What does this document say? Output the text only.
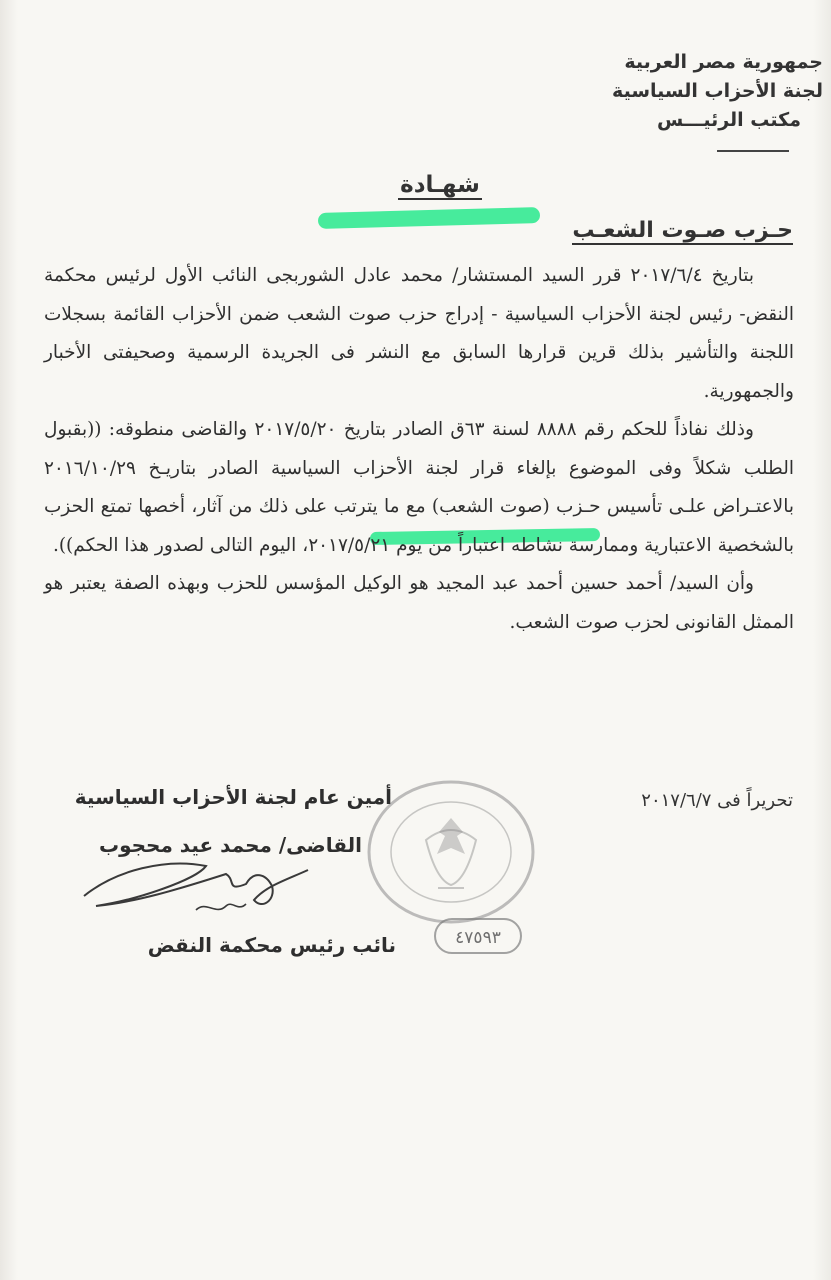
جمهورية مصر العربية
لجنة الأحزاب السياسية
مكتب الرئيـــس
شهـادة
حـزب صـوت الشعـب

بتاريخ ٢٠١٧/٦/٤ قرر السيد المستشار/ محمد عادل الشوربجى النائب الأول لرئيس محكمة النقض- رئيس لجنة الأحزاب السياسية - إدراج حزب صوت الشعب ضمن الأحزاب القائمة بسجلات اللجنة والتأشير بذلك قرين قرارها السابق مع النشر فى الجريدة الرسمية وصحيفتى الأخبار والجمهورية.

وذلك نفاذاً للحكم رقم ٨٨٨٨ لسنة ٦٣ق الصادر بتاريخ ٢٠١٧/٥/٢٠ والقاضى منطوقه: ((بقبول الطلب شكلاً وفى الموضوع بإلغاء قرار لجنة الأحزاب السياسية الصادر بتاريـخ ٢٠١٦/١٠/٢٩ بالاعتـراض علـى تأسيس حـزب (صوت الشعب) مع ما يترتب على ذلك من آثار، أخصها تمتع الحزب بالشخصية الاعتبارية وممارسة نشاطه اعتباراً من يوم ٢٠١٧/٥/٢١، اليوم التالى لصدور هذا الحكم)).

وأن السيد/ أحمد حسين أحمد عبد المجيد هو الوكيل المؤسس للحزب وبهذه الصفة يعتبر هو الممثل القانونى لحزب صوت الشعب.

تحريراً فى ٢٠١٧/٦/٧
٤٧٥٩٣
أمين عام لجنة الأحزاب السياسية
القاضى/ محمد عيد محجوب
نائب رئيس محكمة النقض
